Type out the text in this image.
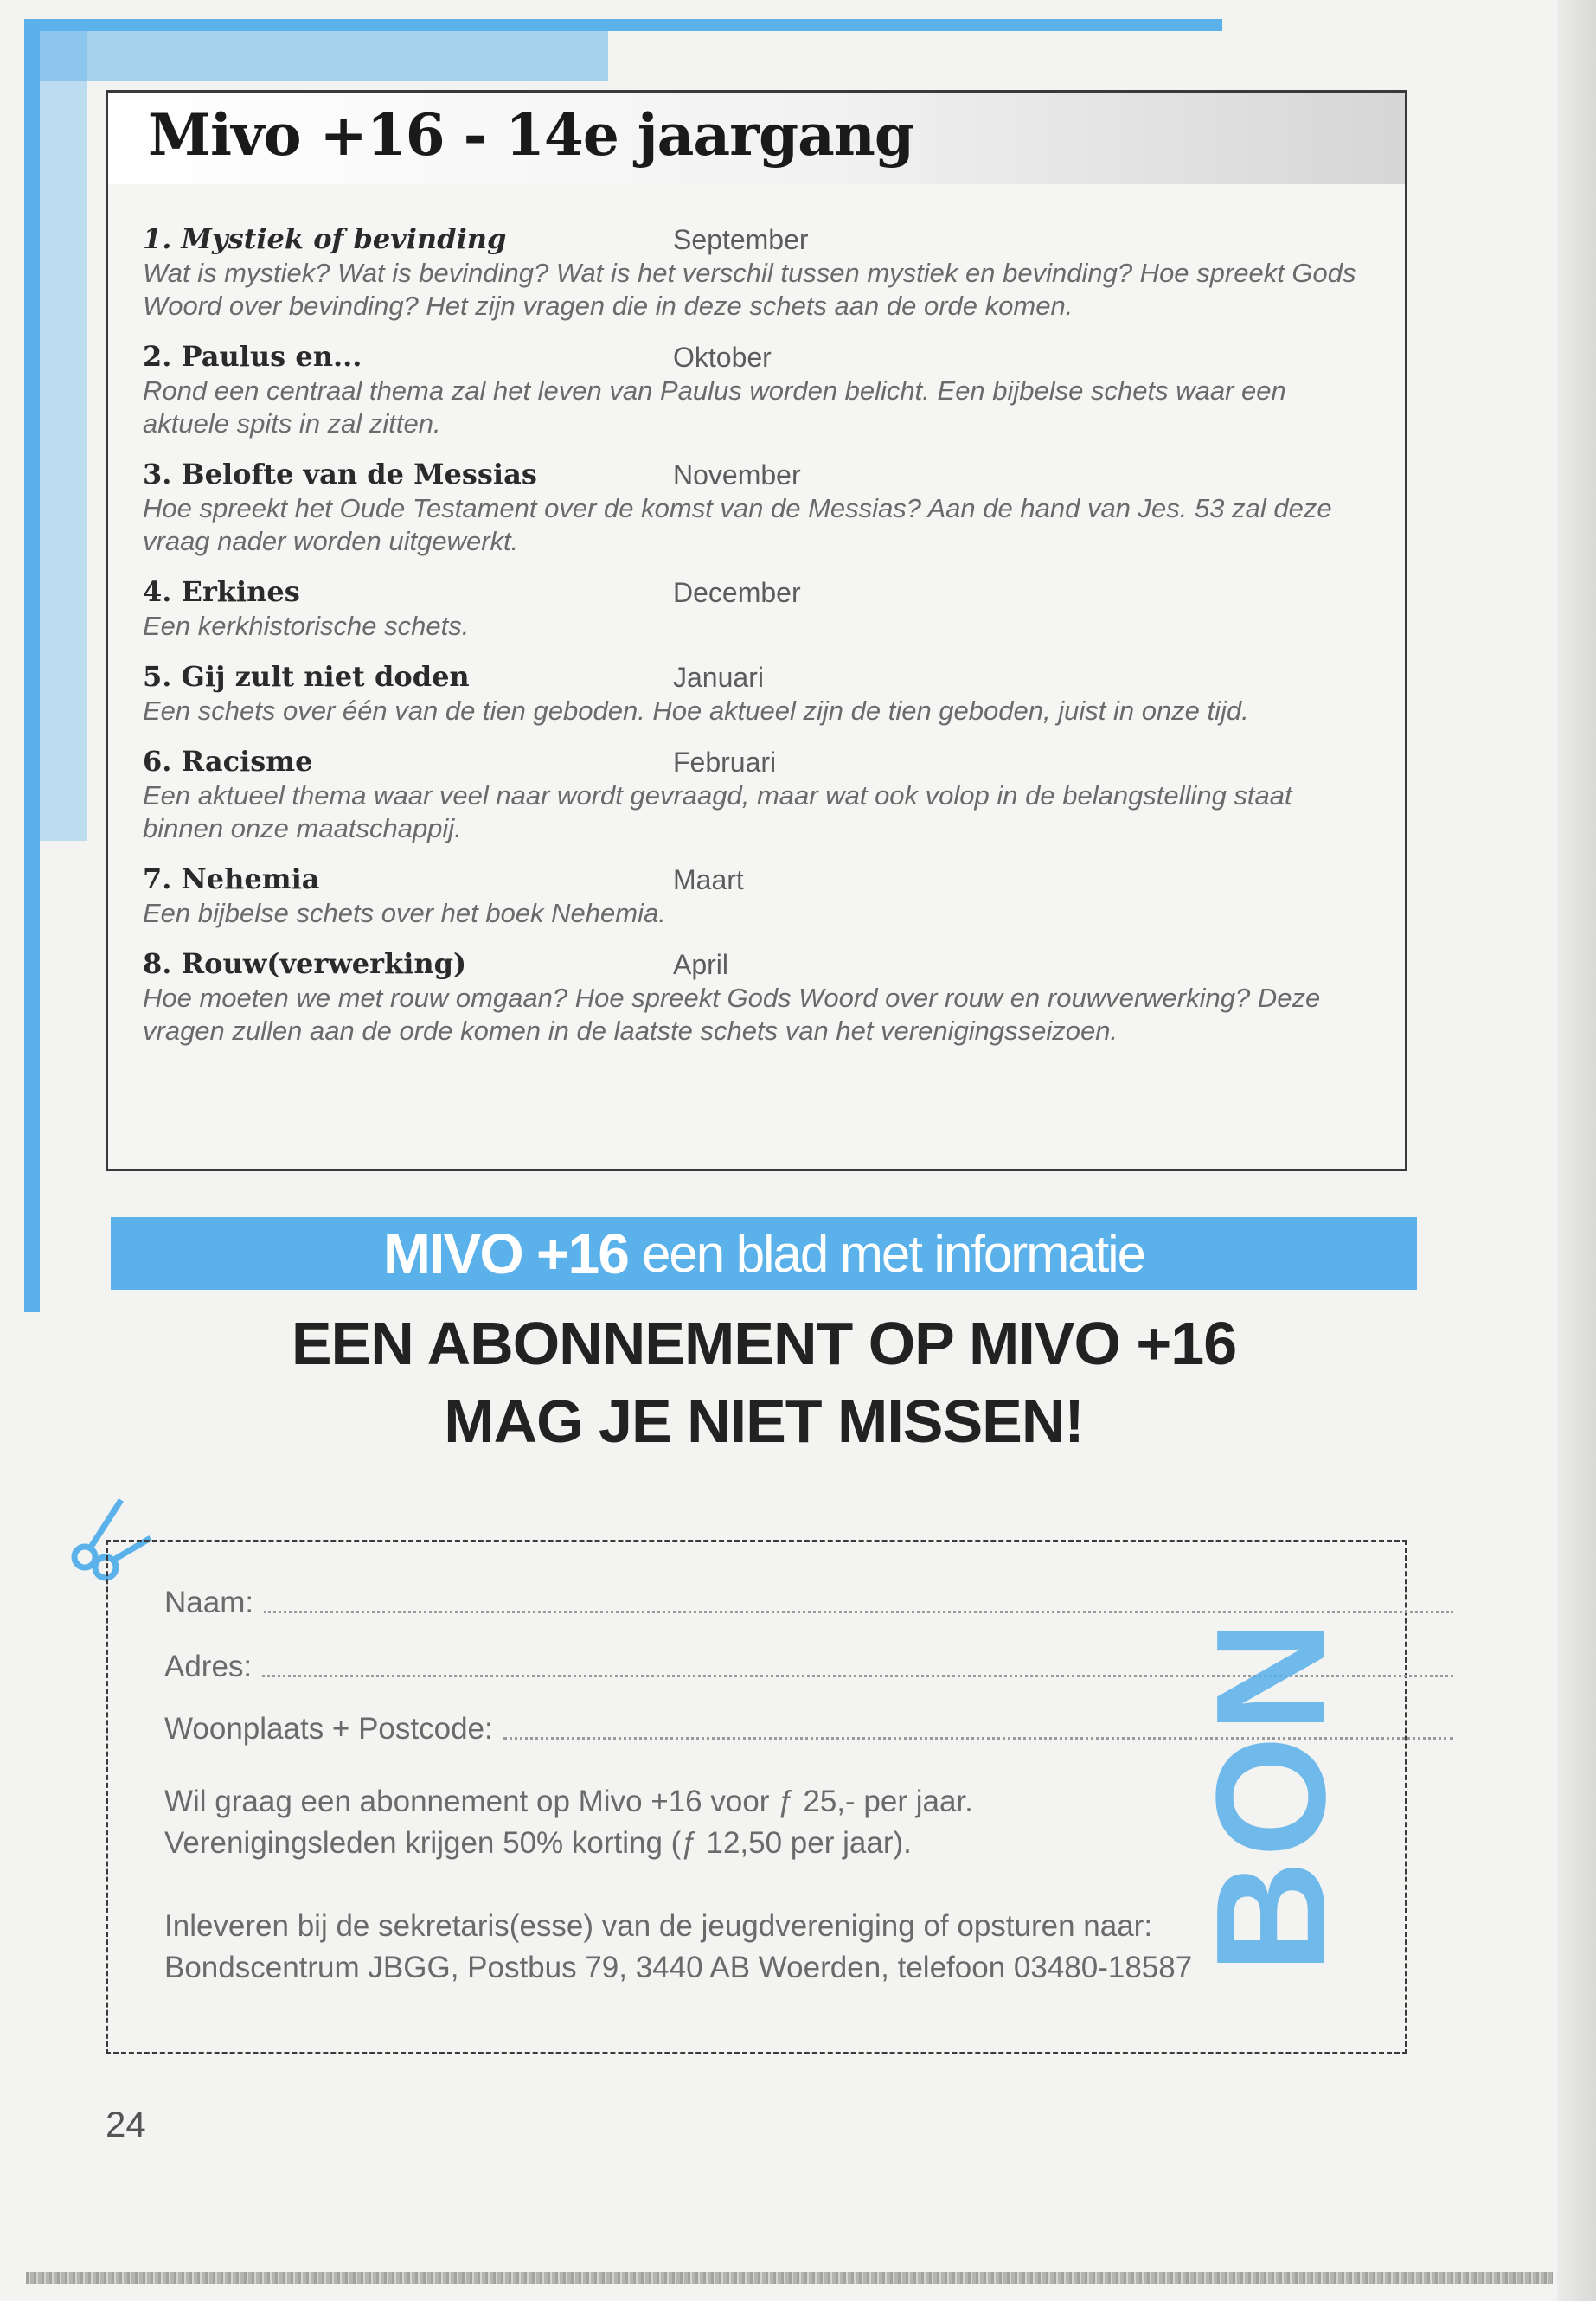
Mivo +16 - 14e jaargang
1. Mystiek of bevinding	September
Wat is mystiek? Wat is bevinding? Wat is het verschil tussen mystiek en bevinding? Hoe spreekt Gods Woord over bevinding? Het zijn vragen die in deze schets aan de orde komen.
2. Paulus en...	Oktober
Rond een centraal thema zal het leven van Paulus worden belicht. Een bijbelse schets waar een aktuele spits in zal zitten.
3. Belofte van de Messias	November
Hoe spreekt het Oude Testament over de komst van de Messias? Aan de hand van Jes. 53 zal deze vraag nader worden uitgewerkt.
4. Erkines	December
Een kerkhistorische schets.
5. Gij zult niet doden	Januari
Een schets over één van de tien geboden. Hoe aktueel zijn de tien geboden, juist in onze tijd.
6. Racisme	Februari
Een aktueel thema waar veel naar wordt gevraagd, maar wat ook volop in de belangstelling staat binnen onze maatschappij.
7. Nehemia	Maart
Een bijbelse schets over het boek Nehemia.
8. Rouw(verwerking)	April
Hoe moeten we met rouw omgaan? Hoe spreekt Gods Woord over rouw en rouwverwerking? Deze vragen zullen aan de orde komen in de laatste schets van het verenigingsseizoen.
MIVO +16 een blad met informatie
EEN ABONNEMENT OP MIVO +16
MAG JE NIET MISSEN!
Naam:
Adres:
Woonplaats + Postcode:
Wil graag een abonnement op Mivo +16 voor ƒ 25,- per jaar.
Verenigingsleden krijgen 50% korting (ƒ 12,50 per jaar).
Inleveren bij de sekretaris(esse) van de jeugdvereniging of opsturen naar:
Bondscentrum JBGG, Postbus 79, 3440 AB Woerden, telefoon 03480-18587
BON
24
